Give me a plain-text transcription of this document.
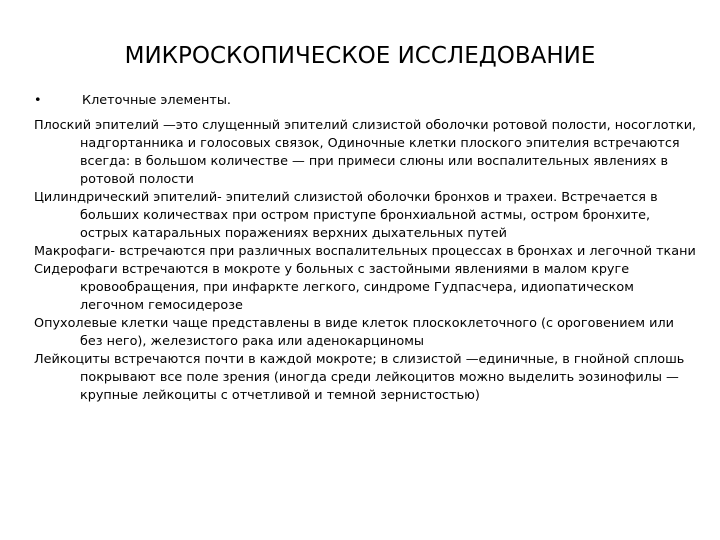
МИКРОСКОПИЧЕСКОЕ ИССЛЕДОВАНИЕ
•	Клеточные элементы.

Плоский эпителий —это слущенный эпителий слизистой оболочки ротовой полости, носоглотки, надгортанника и голосовых связок, Одиночные клетки плоского эпителия встречаются всегда: в большом количестве — при примеси слюны или воспалительных явлениях в ротовой полости

Цилиндрический эпителий- эпителий слизистой оболочки бронхов и трахеи. Встречается в больших количествах при остром приступе бронхиальной астмы, остром бронхите, острых катаральных поражениях верхних дыхательных путей

Макрофаги- встречаются при различных воспалительных процессах в бронхах и легочной ткани

Сидерофаги встречаются в мокроте у больных с застойными явлениями в малом круге кровообращения, при инфаркте легкого, синдроме Гудпасчера, идиопатическом легочном гемосидерозе

Опухолевые клетки чаще представлены в виде клеток плоскоклеточного (с ороговением или без него), железистого рака или аденокарциномы

Лейкоциты встречаются почти в каждой мокроте; в слизистой —единичные, в гнойной сплошь покрывают все поле зрения (иногда среди лейкоцитов можно выделить эозинофилы — крупные лейкоциты с отчетливой и темной зернистостью)
